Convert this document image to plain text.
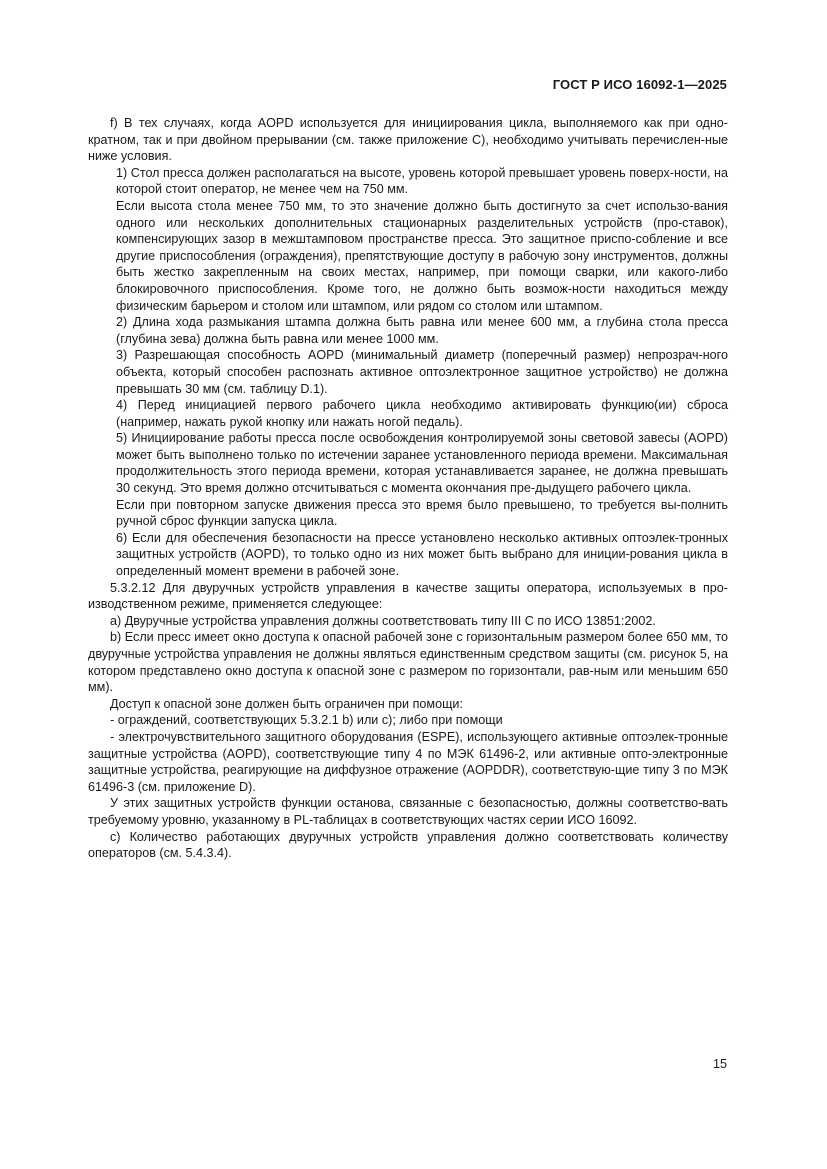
ГОСТ Р ИСО 16092-1—2025

f) В тех случаях, когда AOPD используется для инициирования цикла, выполняемого как при одно-кратном, так и при двойном прерывании (см. также приложение C), необходимо учитывать перечислен-ные ниже условия.

1) Стол пресса должен располагаться на высоте, уровень которой превышает уровень поверх-ности, на которой стоит оператор, не менее чем на 750 мм.

Если высота стола менее 750 мм, то это значение должно быть достигнуто за счет использо-вания одного или нескольких дополнительных стационарных разделительных устройств (про-ставок), компенсирующих зазор в межштамповом пространстве пресса. Это защитное приспо-собление и все другие приспособления (ограждения), препятствующие доступу в рабочую зону инструментов, должны быть жестко закрепленным на своих местах, например, при помощи сварки, или какого-либо блокировочного приспособления. Кроме того, не должно быть возмож-ности находиться между физическим барьером и столом или штампом, или рядом со столом или штампом.

2) Длина хода размыкания штампа должна быть равна или менее 600 мм, а глубина стола пресса (глубина зева) должна быть равна или менее 1000 мм.

3) Разрешающая способность AOPD (минимальный диаметр (поперечный размер) непрозрач-ного объекта, который способен распознать активное оптоэлектронное защитное устройство) не должна превышать 30 мм (см. таблицу D.1).

4) Перед инициацией первого рабочего цикла необходимо активировать функцию(ии) сброса (например, нажать рукой кнопку или нажать ногой педаль).

5) Инициирование работы пресса после освобождения контролируемой зоны световой завесы (AOPD) может быть выполнено только по истечении заранее установленного периода времени. Максимальная продолжительность этого периода времени, которая устанавливается заранее, не должна превышать 30 секунд. Это время должно отсчитываться с момента окончания пре-дыдущего рабочего цикла.

Если при повторном запуске движения пресса это время было превышено, то требуется вы-полнить ручной сброс функции запуска цикла.

6) Если для обеспечения безопасности на прессе установлено несколько активных оптоэлек-тронных защитных устройств (AOPD), то только одно из них может быть выбрано для иниции-рования цикла в определенный момент времени в рабочей зоне.

5.3.2.12 Для двуручных устройств управления в качестве защиты оператора, используемых в про-изводственном режиме, применяется следующее:

a) Двуручные устройства управления должны соответствовать типу III C по ИСО 13851:2002.

b) Если пресс имеет окно доступа к опасной рабочей зоне с горизонтальным размером более 650 мм, то двуручные устройства управления не должны являться единственным средством защиты (см. рисунок 5, на котором представлено окно доступа к опасной зоне с размером по горизонтали, рав-ным или меньшим 650 мм).

Доступ к опасной зоне должен быть ограничен при помощи:

- ограждений, соответствующих 5.3.2.1 b) или c); либо при помощи

- электрочувствительного защитного оборудования (ESPE), использующего активные оптоэлек-тронные защитные устройства (AOPD), соответствующие типу 4 по МЭК 61496-2, или активные опто-электронные защитные устройства, реагирующие на диффузное отражение (AOPDDR), соответствую-щие типу 3 по МЭК 61496-3 (см. приложение D).

У этих защитных устройств функции останова, связанные с безопасностью, должны соответство-вать требуемому уровню, указанному в PL-таблицах в соответствующих частях серии ИСО 16092.

c) Количество работающих двуручных устройств управления должно соответствовать количеству операторов (см. 5.4.3.4).

15
